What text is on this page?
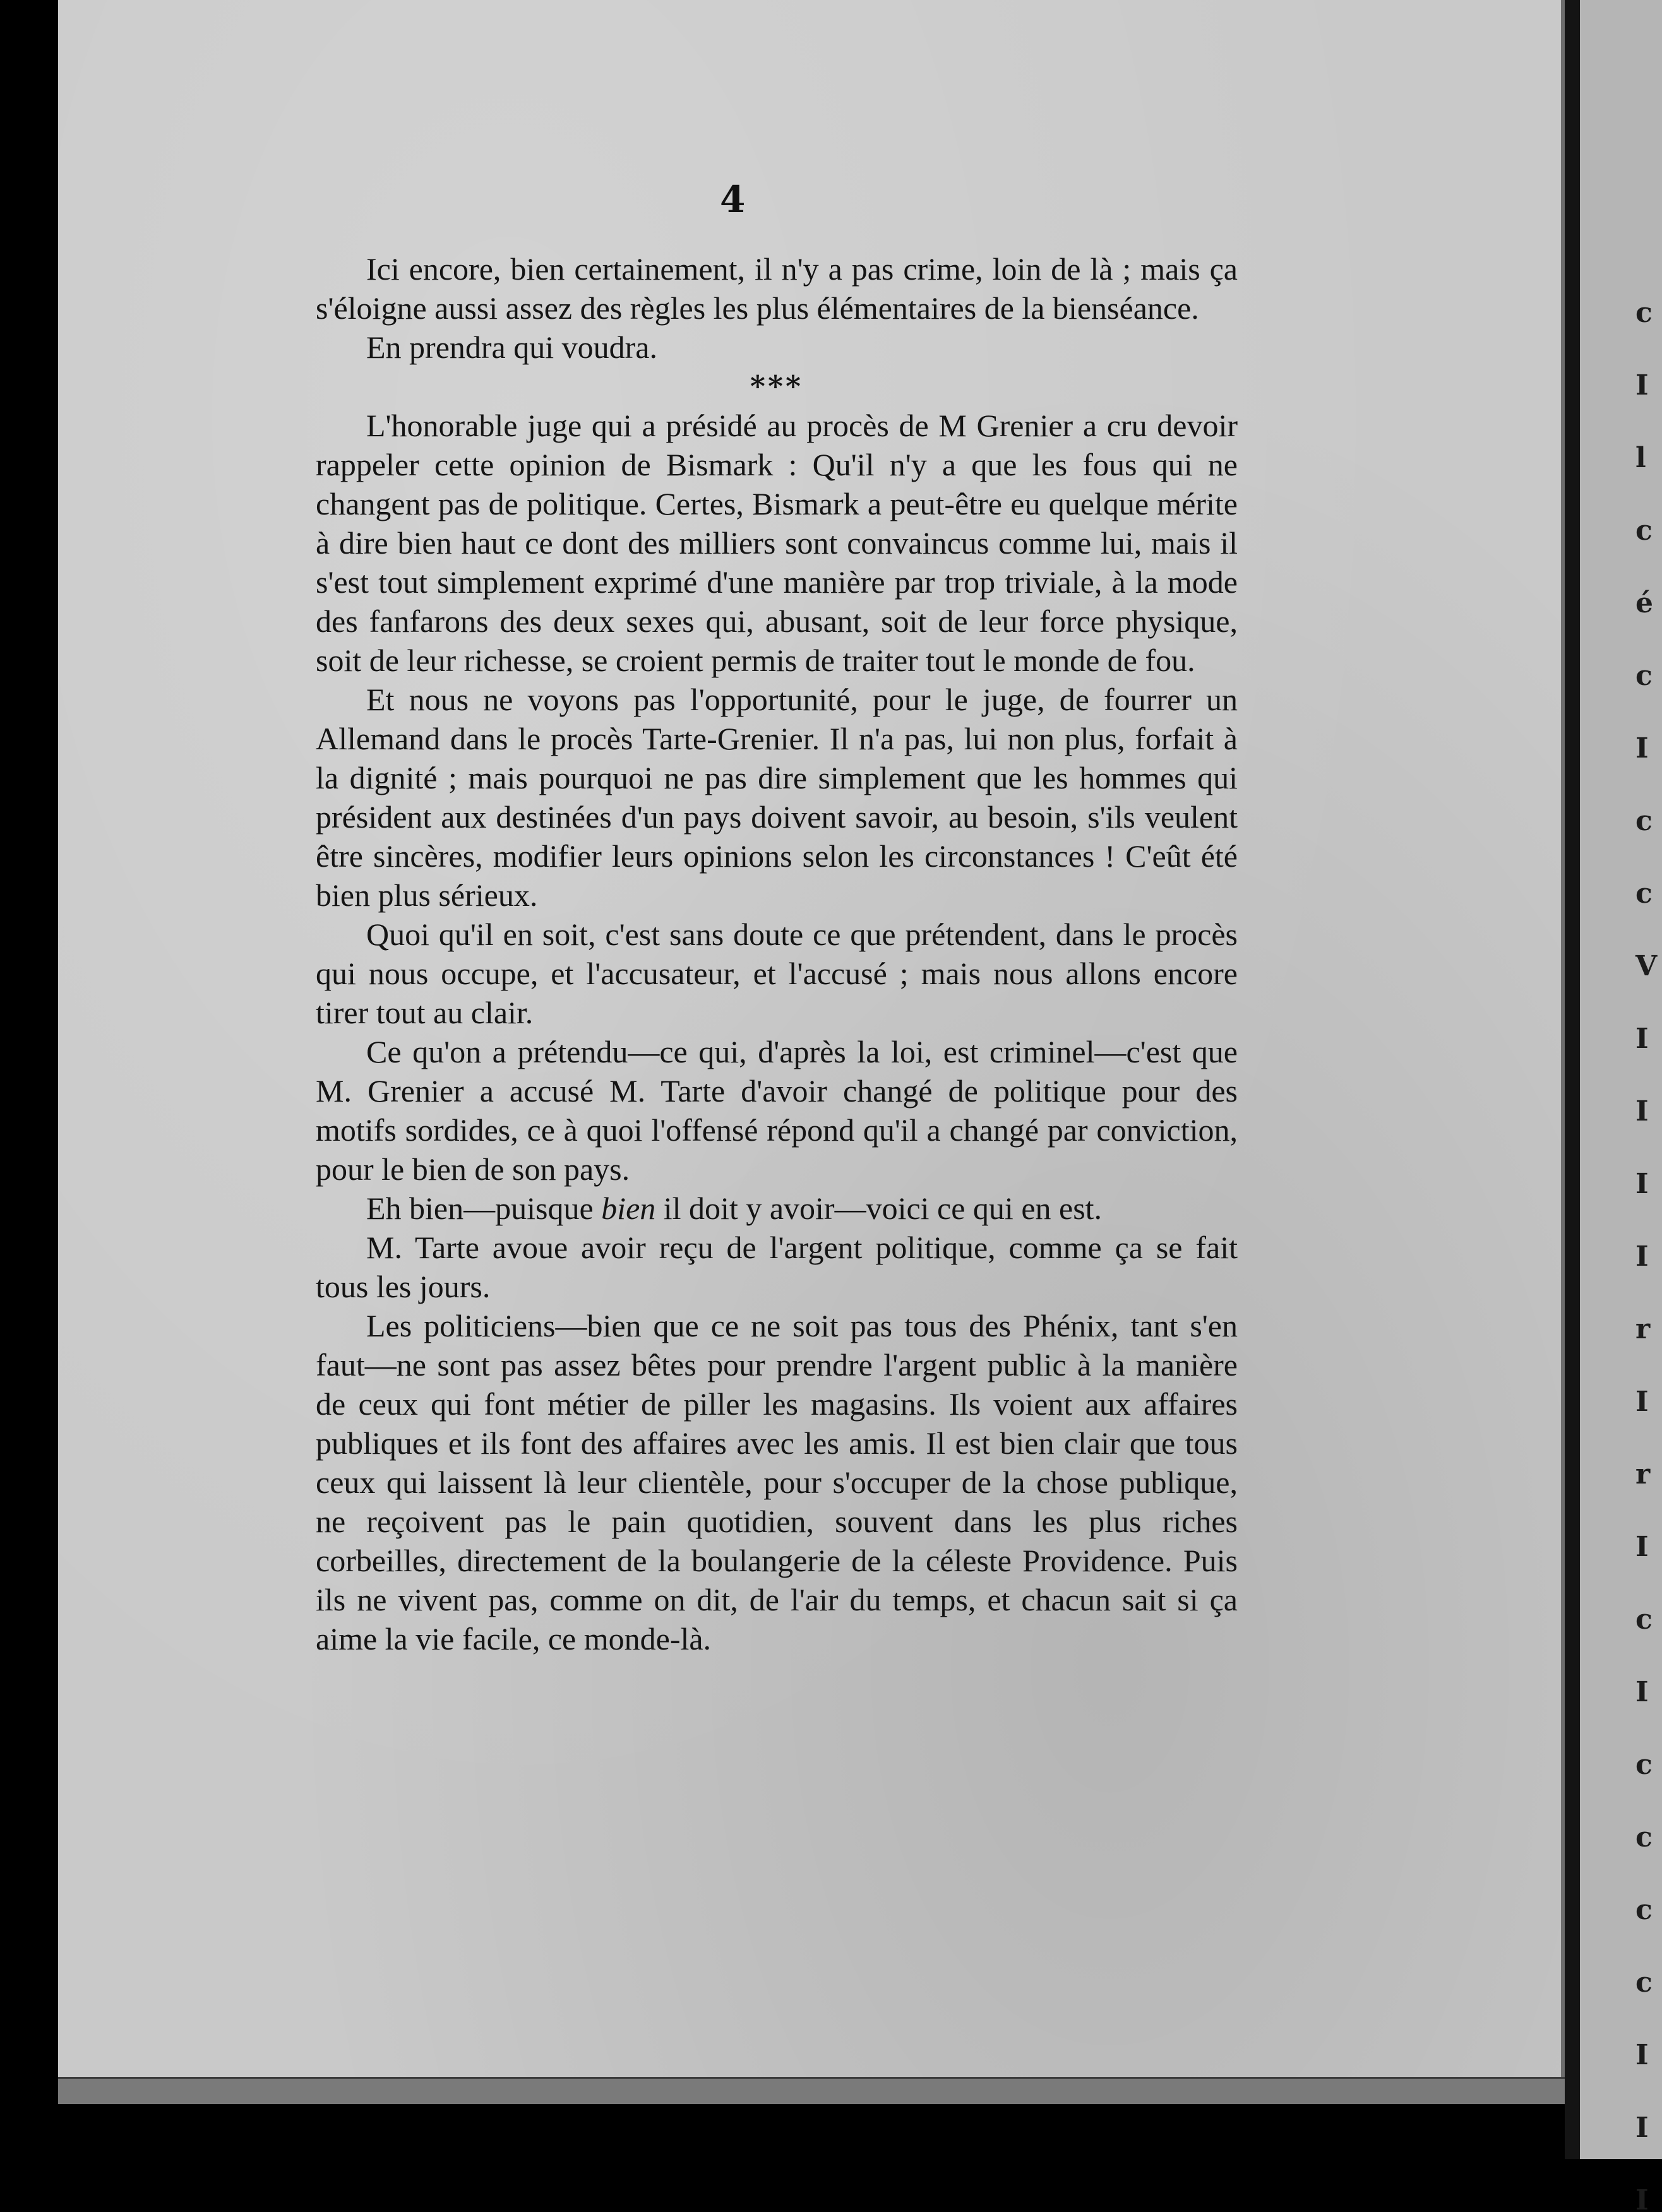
c
I
l
c
é
c
I
c
c
V
I
I
I
I
r
I
r
I
c
I
c
c
c
c
I
I
I
4

Ici encore, bien certainement, il n'y a pas crime, loin de là ; mais ça s'éloigne aussi assez des règles les plus élémentaires de la bienséance.

En prendra qui voudra.

***

L'honorable juge qui a présidé au procès de M Grenier a cru devoir rappeler cette opinion de Bismark : Qu'il n'y a que les fous qui ne changent pas de politique. Certes, Bismark a peut-être eu quelque mérite à dire bien haut ce dont des milliers sont convaincus comme lui, mais il s'est tout simplement exprimé d'une manière par trop triviale, à la mode des fanfarons des deux sexes qui, abusant, soit de leur force physique, soit de leur richesse, se croient permis de traiter tout le monde de fou.

Et nous ne voyons pas l'opportunité, pour le juge, de fourrer un Allemand dans le procès Tarte-Grenier. Il n'a pas, lui non plus, forfait à la dignité ; mais pourquoi ne pas dire simplement que les hommes qui président aux destinées d'un pays doivent savoir, au besoin, s'ils veulent être sincères, modifier leurs opinions selon les circonstances ! C'eût été bien plus sérieux.

Quoi qu'il en soit, c'est sans doute ce que prétendent, dans le procès qui nous occupe, et l'accusateur, et l'accusé ; mais nous allons encore tirer tout au clair.

Ce qu'on a prétendu—ce qui, d'après la loi, est criminel—c'est que M. Grenier a accusé M. Tarte d'avoir changé de politique pour des motifs sordides, ce à quoi l'offensé répond qu'il a changé par conviction, pour le bien de son pays.

Eh bien—puisque bien il doit y avoir—voici ce qui en est.

M. Tarte avoue avoir reçu de l'argent politique, comme ça se fait tous les jours.

Les politiciens—bien que ce ne soit pas tous des Phénix, tant s'en faut—ne sont pas assez bêtes pour prendre l'argent public à la manière de ceux qui font métier de piller les magasins. Ils voient aux affaires publiques et ils font des affaires avec les amis. Il est bien clair que tous ceux qui laissent là leur clientèle, pour s'occuper de la chose publique, ne reçoivent pas le pain quotidien, souvent dans les plus riches corbeilles, directement de la boulangerie de la céleste Providence. Puis ils ne vivent pas, comme on dit, de l'air du temps, et chacun sait si ça aime la vie facile, ce monde-là.
